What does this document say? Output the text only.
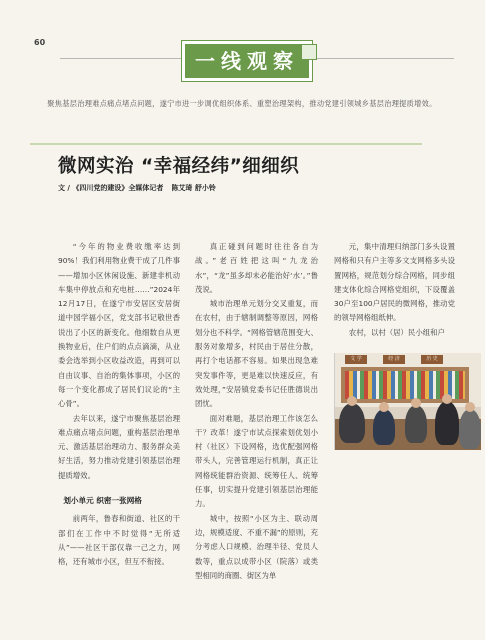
60
一线观察
聚焦基层治理难点痛点堵点问题，遂宁市进一步调优组织体系、重塑治理架构，推动党建引领城乡基层治理提质增效。
微网实治 “幸福经纬”细细织
文 / 《四川党的建设》全媒体记者 陈艾琦 舒小铃

“今年的物业费收缴率达到90%！我们利用物业费干成了几件事——增加小区休闲设施、新建非机动车集中停放点和充电桩……”2024年12月17日，在遂宁市安居区安居街道中园学福小区，党支部书记敬世香说出了小区的新变化。他细数自从更换物业后，住户们的点点滴滴，从业委会选举到小区收益改造，再到可以自由议事、自治的集体事项，小区的每一个变化都成了居民们议论的“主心骨”。

去年以来，遂宁市聚焦基层治理难点痛点堵点问题，重构基层治理单元、激活基层治理动力、服务群众美好生活，努力推动党建引领基层治理提质增效。

划小单元 织密一张网格

前两年，鲁春和街道、社区的干部们在工作中不时觉得“无所适从”——社区干部仅靠一己之力，网格，还有城市小区，但互不衔接。

真正碰到问题时往往各自为战。”老百姓把这叫“九龙治水”，“龙”虽多却未必能治好‘水’。”鲁茂说。

城市治理单元划分交叉重复，而在农村，由于辖制调整等原因，网格划分也不科学。“网格管辖范围变大、服务对象增多，村民由于居住分散，再打个电话都不容易。如果出现急难突发事件等，更是难以快速反应，有效处理，”安居镇党委书记任胜德说出团忧。

面对难题，基层治理工作该怎么干？改革！遂宁市试点探索划优划小村（社区）下设网格，选优配强网格带头人，完善管理运行机制，真正让网格统能群治资源、统筹任人、统筹任事，切实提升党建引领基层治理能力。

城中，按照“小区为主、联动周边，规模适度、不重不漏”的原则，充分考虑人口规模、治理半径、党员人数等，重点以成带小区（院落）或类型相同的商圈、街区为单

元，集中清理归纳部门多头设置网格和只有户主等多文支网格多头设置网格，规范划分综合网格，同步组建支体化综合网格党组织，下设覆盖30户至100户居民的微网格，推动党的领导网格组纸伸。

农村，以村（居）民小组和户

文 学	经 济	历 史
